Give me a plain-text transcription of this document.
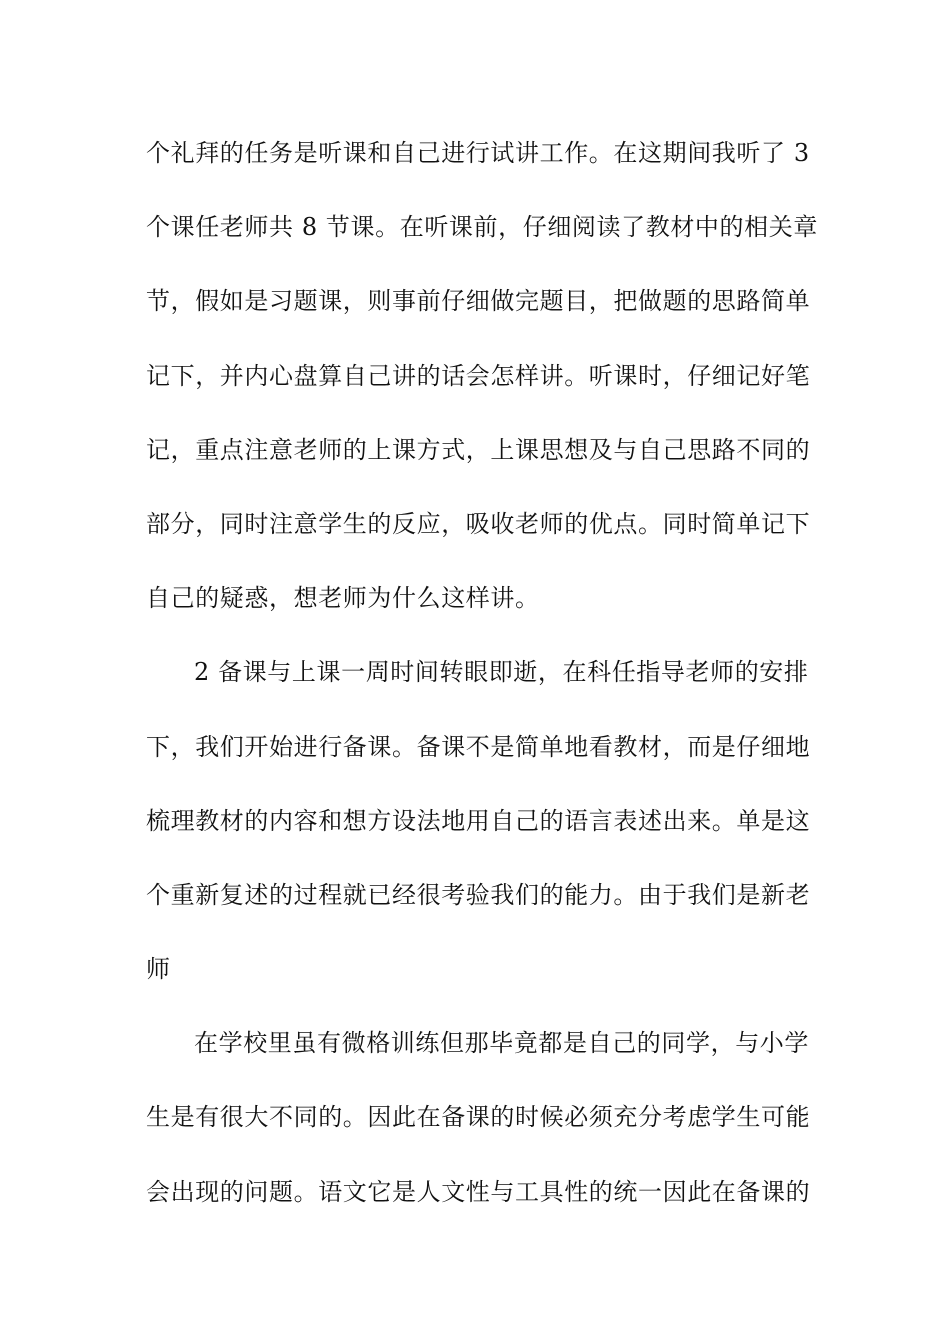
个礼拜的任务是听课和自己进行试讲工作。在这期间我听了 3
个课任老师共 8 节课。在听课前，仔细阅读了教材中的相关章
节，假如是习题课，则事前仔细做完题目，把做题的思路简单
记下，并内心盘算自己讲的话会怎样讲。听课时，仔细记好笔
记，重点注意老师的上课方式，上课思想及与自己思路不同的
部分，同时注意学生的反应，吸收老师的优点。同时简单记下
自己的疑惑，想老师为什么这样讲。
2 备课与上课一周时间转眼即逝，在科任指导老师的安排
下，我们开始进行备课。备课不是简单地看教材，而是仔细地
梳理教材的内容和想方设法地用自己的语言表述出来。单是这
个重新复述的过程就已经很考验我们的能力。由于我们是新老
师
在学校里虽有微格训练但那毕竟都是自己的同学，与小学
生是有很大不同的。因此在备课的时候必须充分考虑学生可能
会出现的问题。语文它是人文性与工具性的统一因此在备课的
